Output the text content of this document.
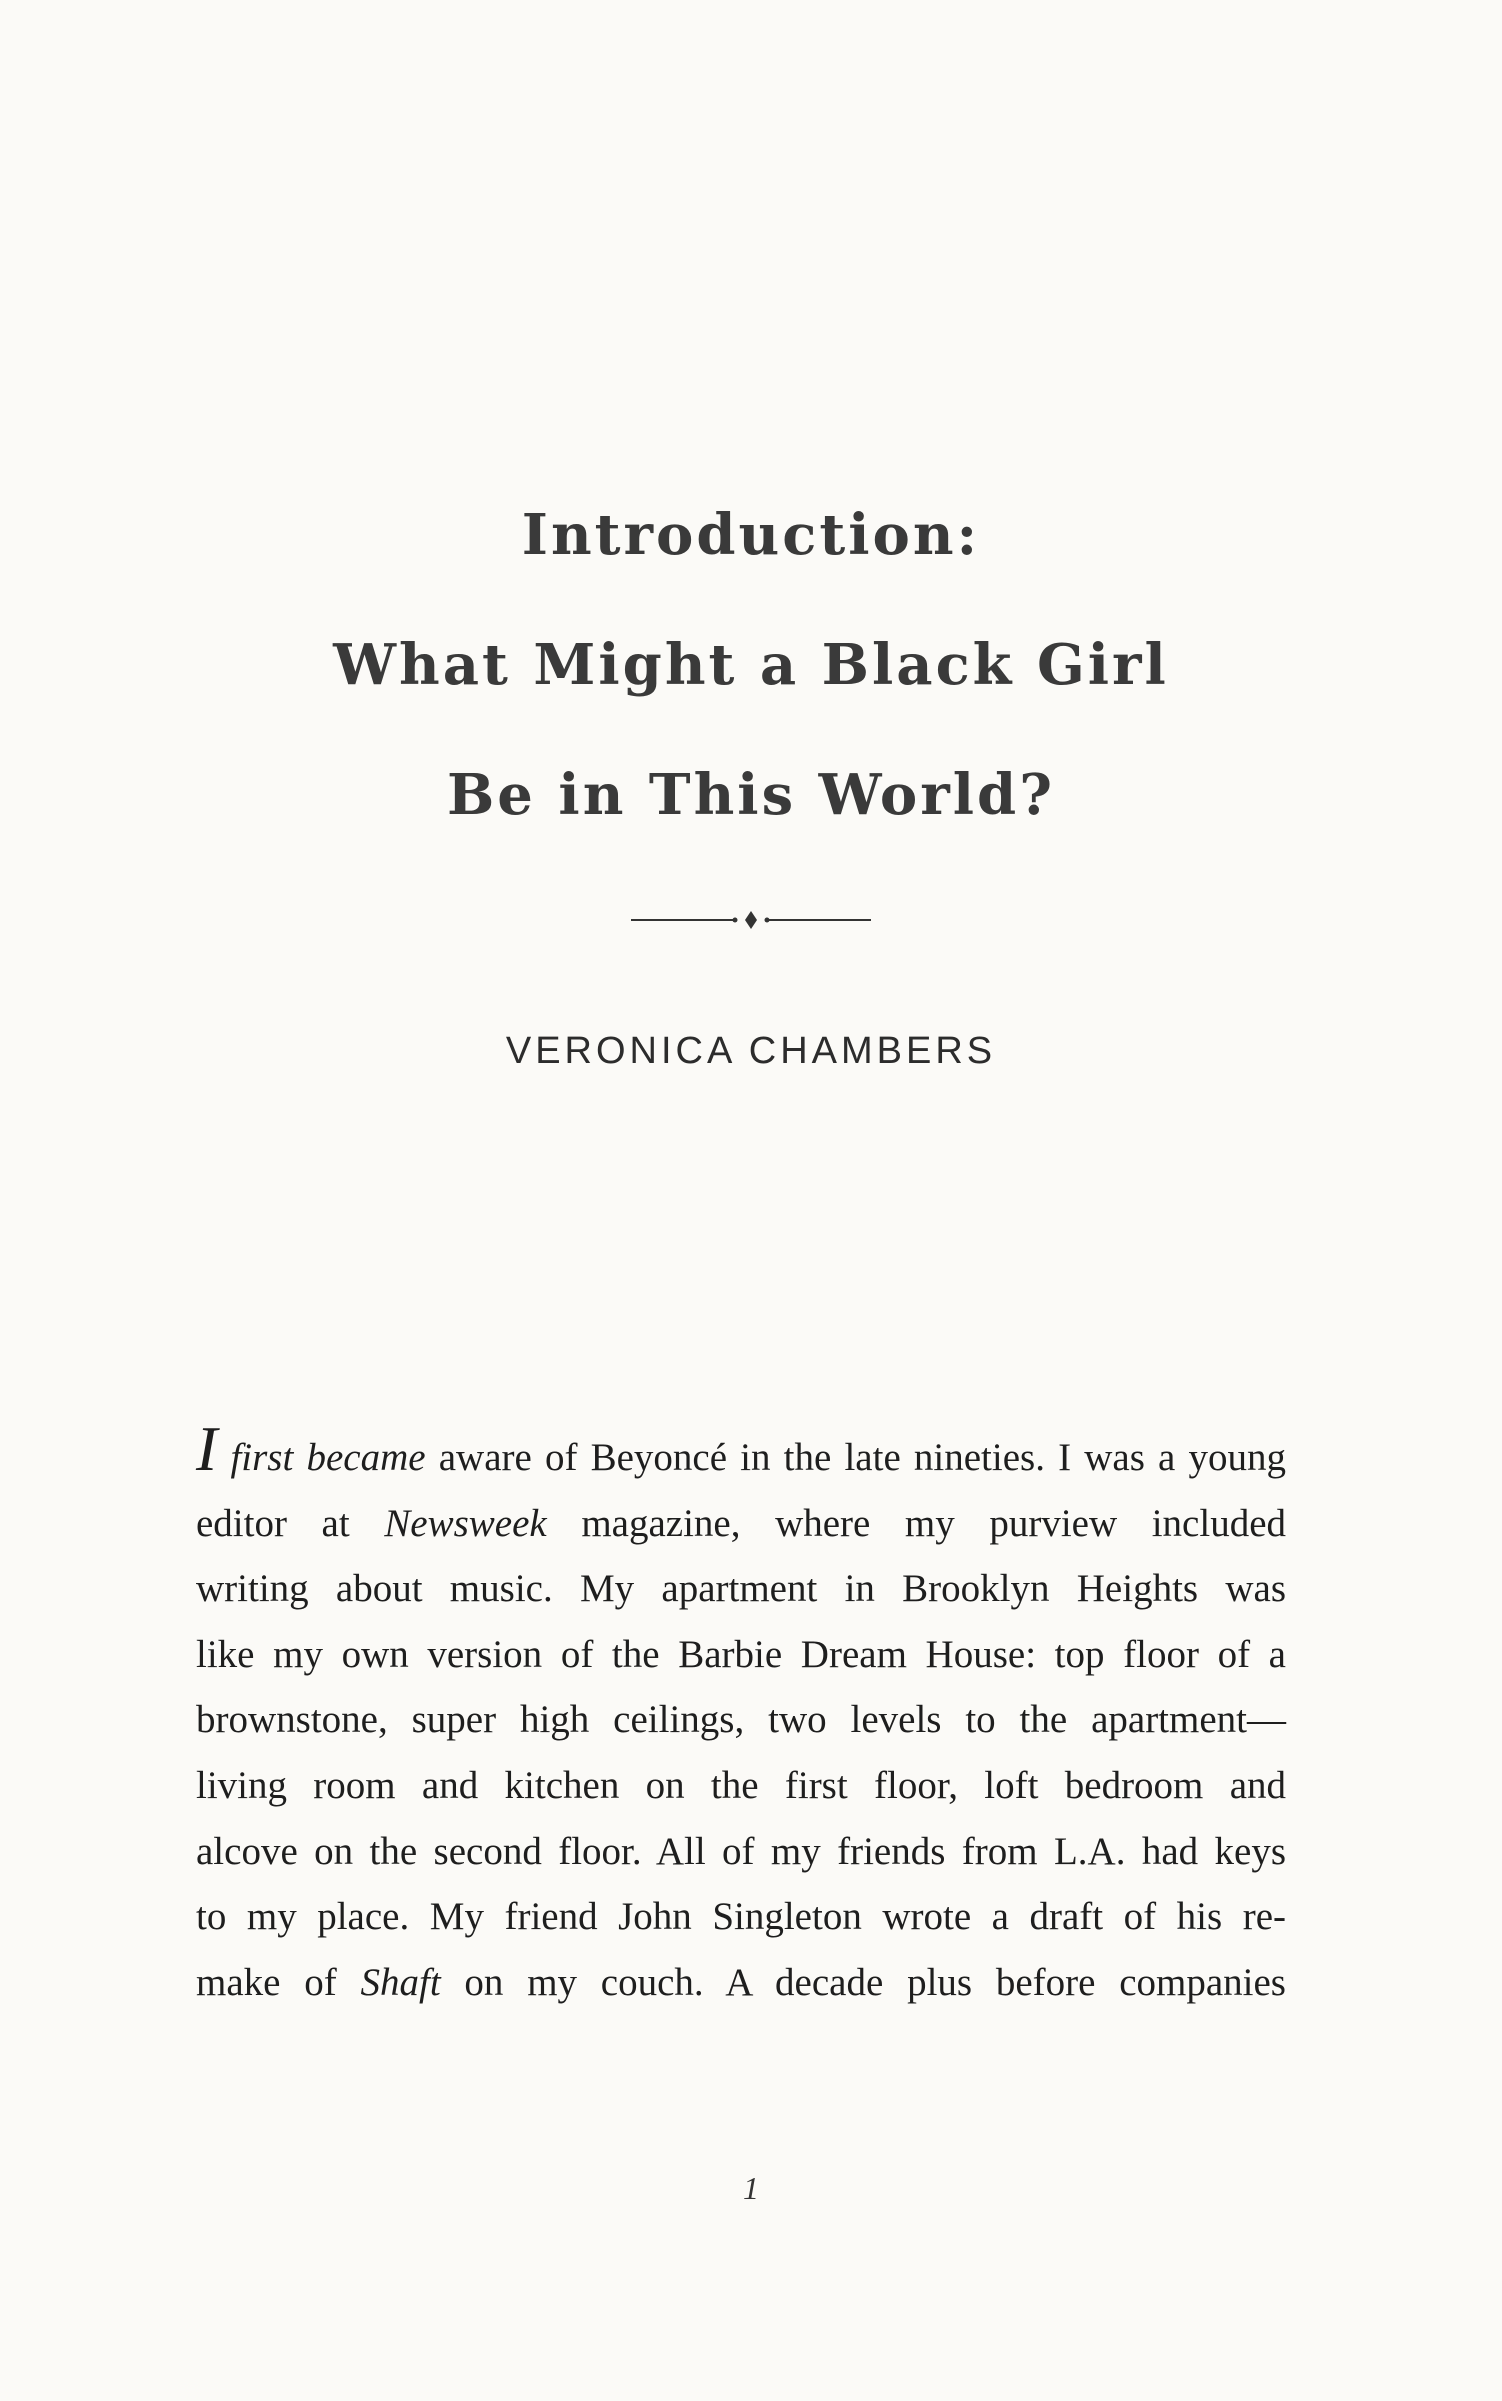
Introduction:
What Might a Black Girl
Be in This World?
VERONICA CHAMBERS
I first became aware of Beyoncé in the late nineties. I was a young
editor at Newsweek magazine, where my purview included
writing about music. My apartment in Brooklyn Heights was
like my own version of the Barbie Dream House: top floor of a
brownstone, super high ceilings, two levels to the apartment—
living room and kitchen on the first floor, loft bedroom and
alcove on the second floor. All of my friends from L.A. had keys
to my place. My friend John Singleton wrote a draft of his re-
make of Shaft on my couch. A decade plus before companies
1
